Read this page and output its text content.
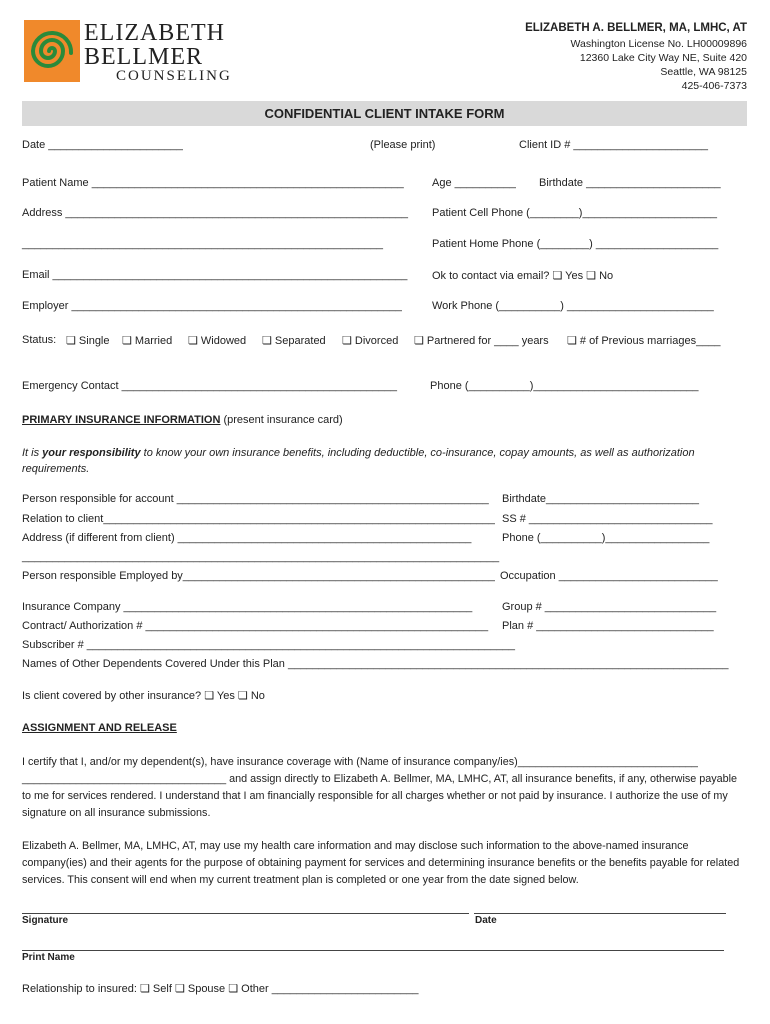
ELIZABETH
BELLMER
COUNSELING
ELIZABETH A. BELLMER, MA, LMHC, AT
Washington License No. LH00009896
12360 Lake City Way NE, Suite 420
Seattle, WA 98125
425-406-7373
CONFIDENTIAL CLIENT INTAKE FORM
Date ______________________	(Please print)	Client ID # ______________________
Patient Name ___________________________________________________	Age __________ Birthdate ______________________
Address ________________________________________________________ Patient Cell Phone (________)______________________
___________________________________________________________	Patient Home Phone (________) ____________________
Email __________________________________________________________ Ok to contact via email? ❏ Yes ❏ No
Employer ______________________________________________________	Work Phone (__________) ________________________
Status: ❏ Single ❏ Married ❏ Widowed ❏ Separated ❏ Divorced ❏ Partnered for ____ years ❏ # of Previous marriages____
Emergency Contact _____________________________________________	Phone (__________)___________________________
PRIMARY INSURANCE INFORMATION (present insurance card)
It is your responsibility to know your own insurance benefits, including deductible, co-insurance, copay amounts, as well as authorization
requirements.
Person responsible for account ___________________________________________________ Birthdate_________________________
Relation to client________________________________________________________________ SS # ______________________________
Address (if different from client) ________________________________________________	Phone (__________)_________________
______________________________________________________________________________
Person responsible Employed by___________________________________________________ Occupation __________________________
Insurance Company _________________________________________________________	Group # ____________________________
Contract/ Authorization # ________________________________________________________ Plan # _____________________________
Subscriber # ______________________________________________________________________
Names of Other Dependents Covered Under this Plan ________________________________________________________________________
Is client covered by other insurance? ❏ Yes ❏ No
ASSIGNMENT AND RELEASE
I certify that I, and/or my dependent(s), have insurance coverage with (Name of insurance company/ies)______________________________ __________________________________ and assign directly to Elizabeth A. Bellmer, MA, LMHC, AT, all insurance benefits, if any, otherwise payable to me for services rendered. I understand that I am financially responsible for all charges whether or not paid by insurance. I authorize the use of my signature on all insurance submissions.
Elizabeth A. Bellmer, MA, LMHC, AT, may use my health care information and may disclose such information to the above-named insurance company(ies) and their agents for the purpose of obtaining payment for services and determining insurance benefits or the benefits payable for related services. This consent will end when my current treatment plan is completed or one year from the date signed below.
Signature	Date
Print Name
Relationship to insured: ❏ Self ❏ Spouse ❏ Other ________________________
